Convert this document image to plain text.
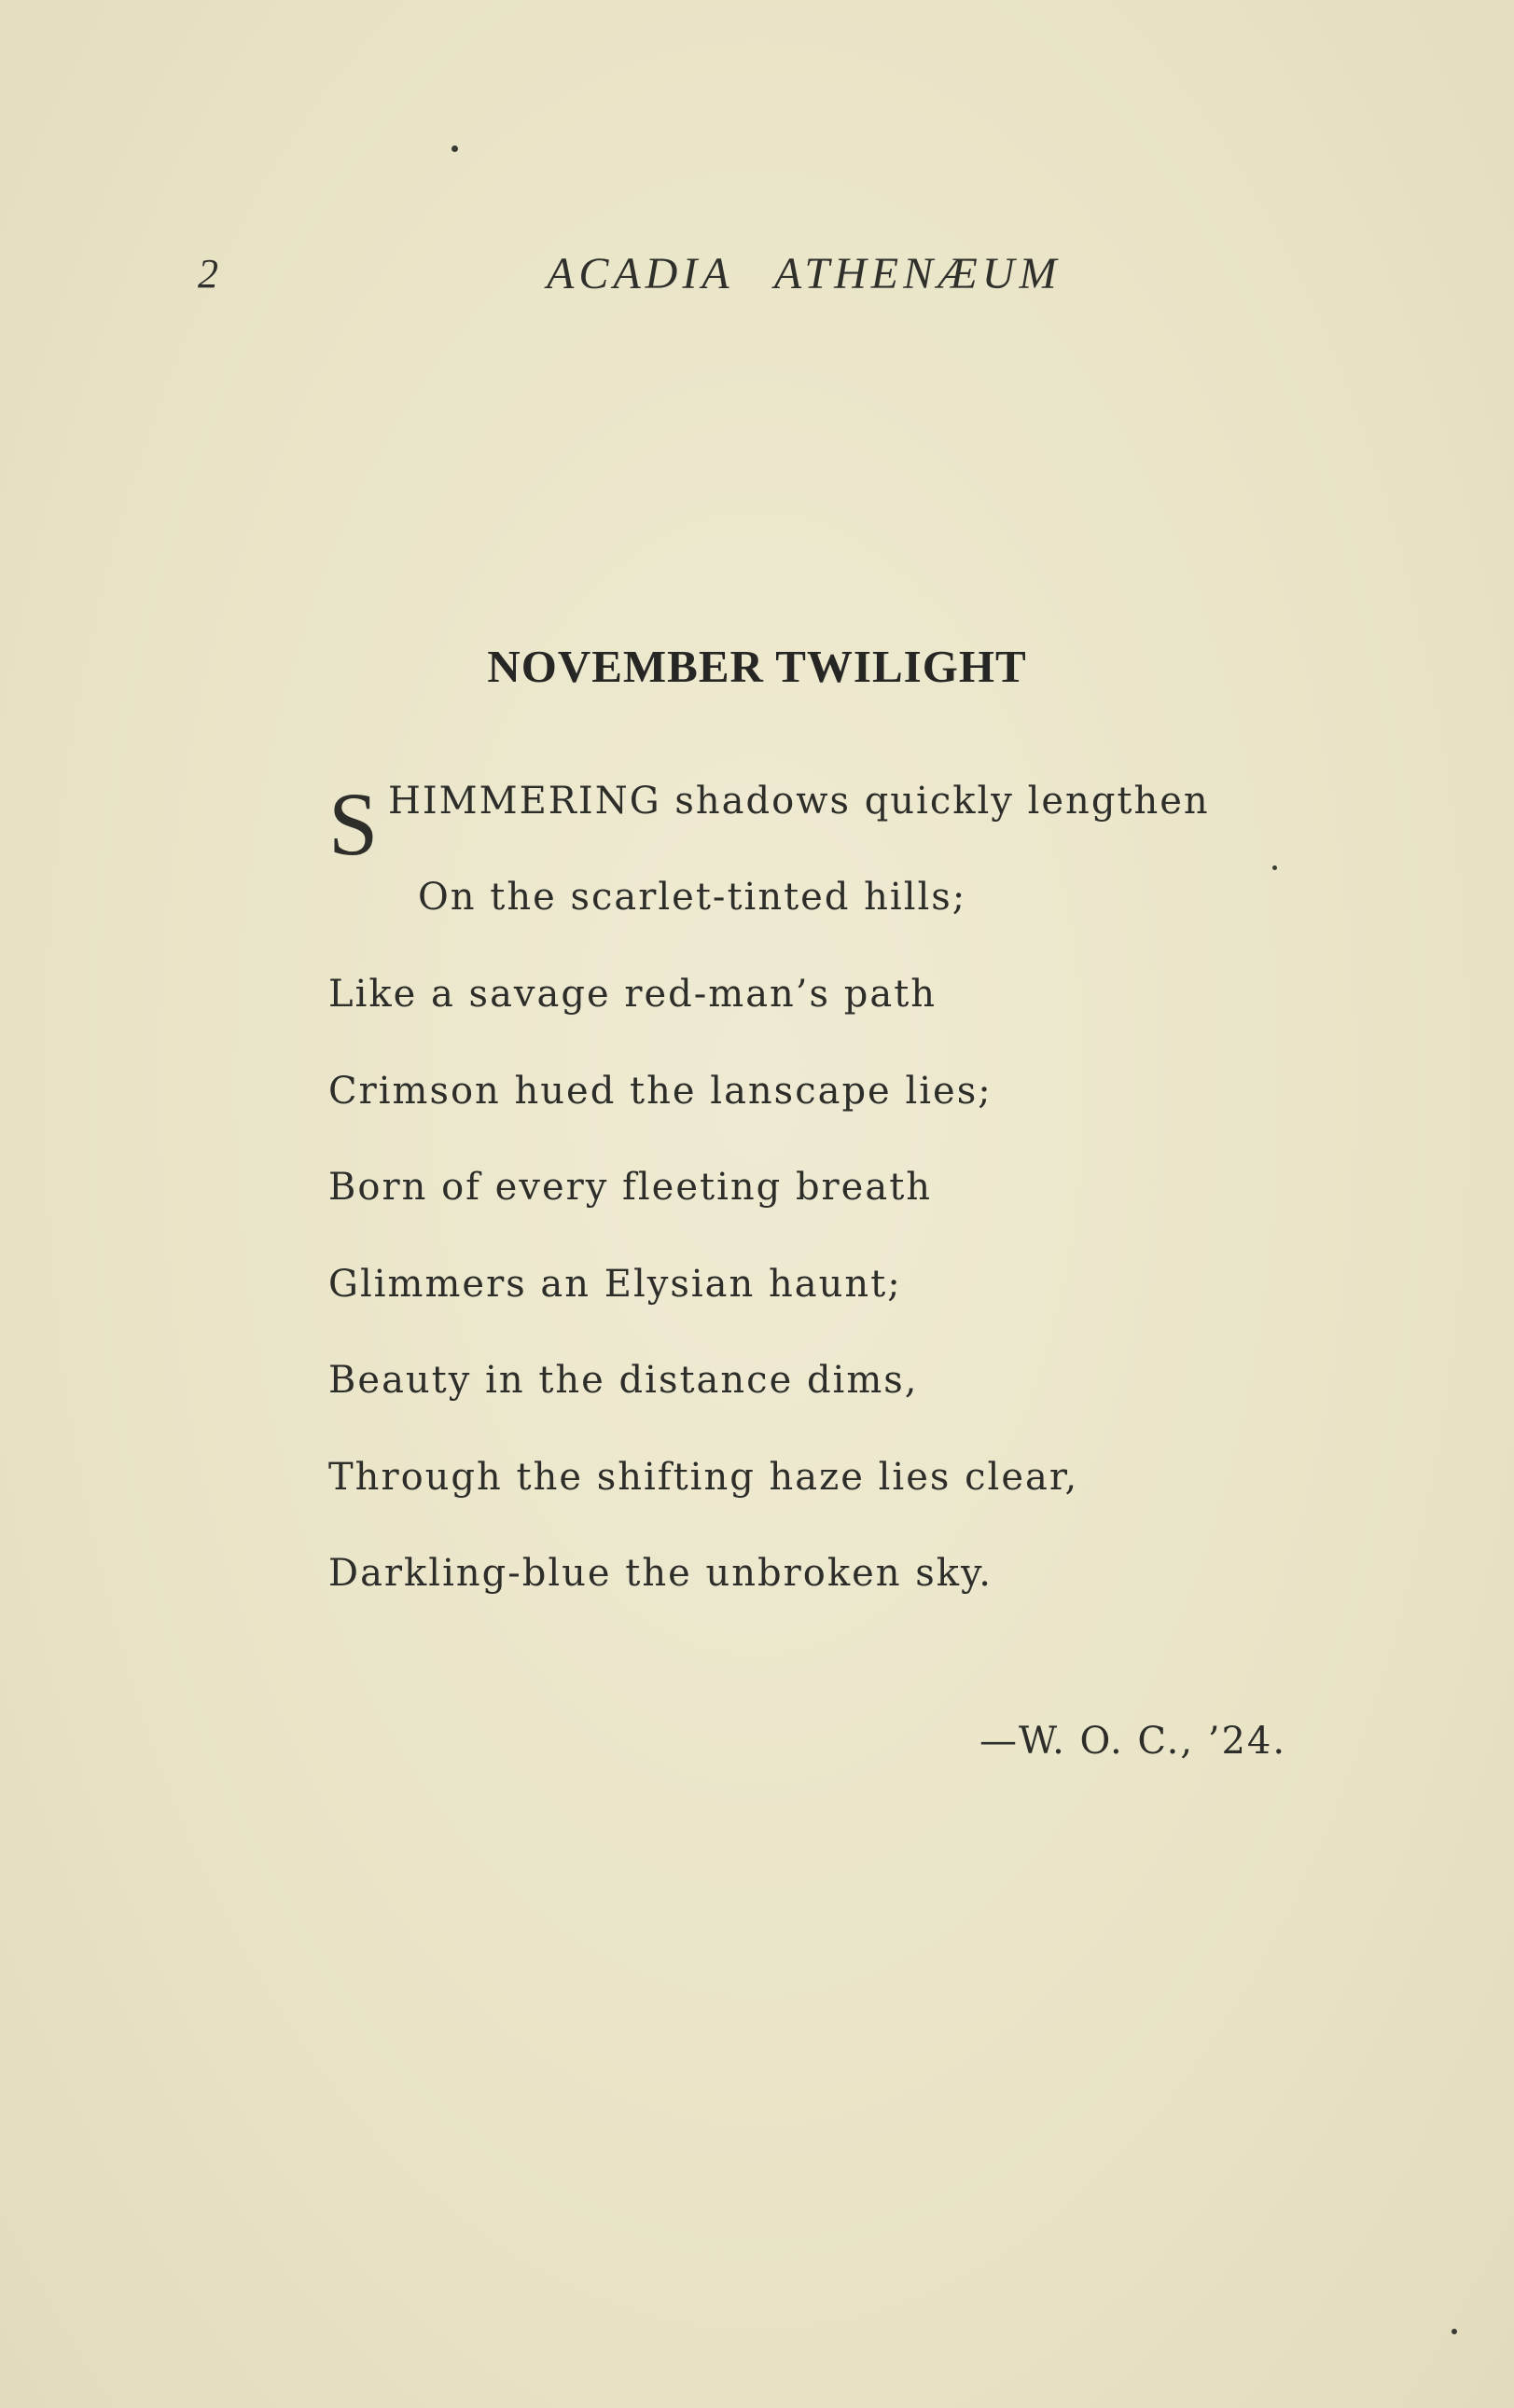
2	ACADIA ATHENÆUM
NOVEMBER TWILIGHT
S HIMMERING shadows quickly lengthen
On the scarlet-tinted hills;
Like a savage red-man’s path
Crimson hued the lanscape lies;
Born of every fleeting breath
Glimmers an Elysian haunt;
Beauty in the distance dims,
Through the shifting haze lies clear,
Darkling-blue the unbroken sky.
—W. O. C., ’24.
